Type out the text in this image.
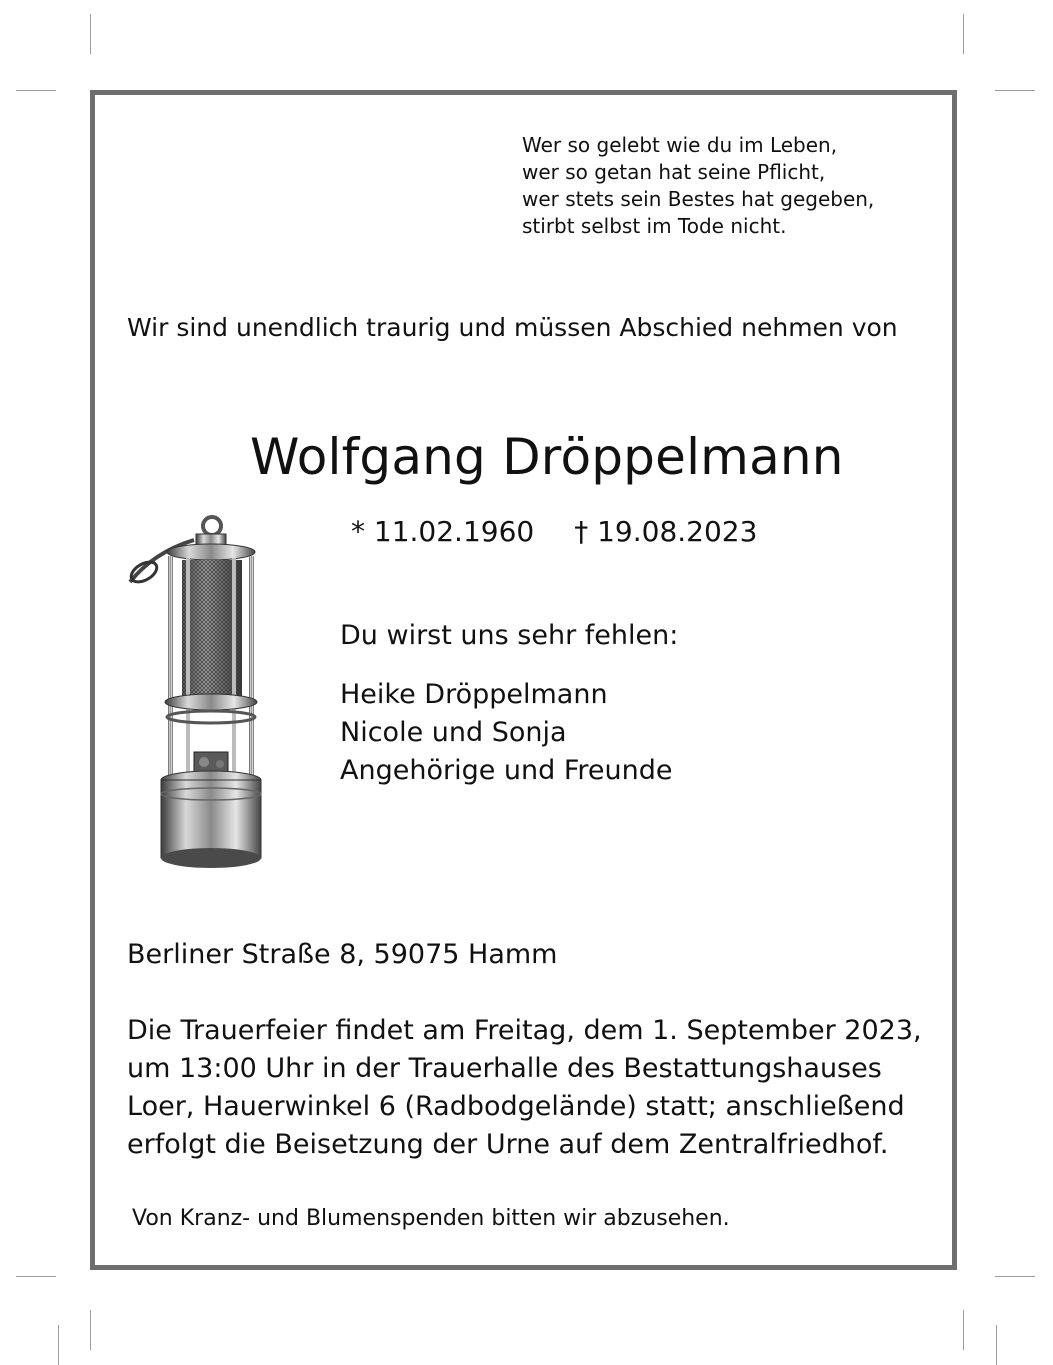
Wer so gelebt wie du im Leben,
wer so getan hat seine Pflicht,
wer stets sein Bestes hat gegeben,
stirbt selbst im Tode nicht.
Wir sind unendlich traurig und müssen Abschied nehmen von
Wolfgang Dröppelmann
* 11.02.1960 † 19.08.2023
Du wirst uns sehr fehlen:
Heike Dröppelmann
Nicole und Sonja
Angehörige und Freunde
Berliner Straße 8, 59075 Hamm
Die Trauerfeier findet am Freitag, dem 1. September 2023,
um 13:00 Uhr in der Trauerhalle des Bestattungshauses
Loer, Hauerwinkel 6 (Radbodgelände) statt; anschließend
erfolgt die Beisetzung der Urne auf dem Zentralfriedhof.
Von Kranz- und Blumenspenden bitten wir abzusehen.
